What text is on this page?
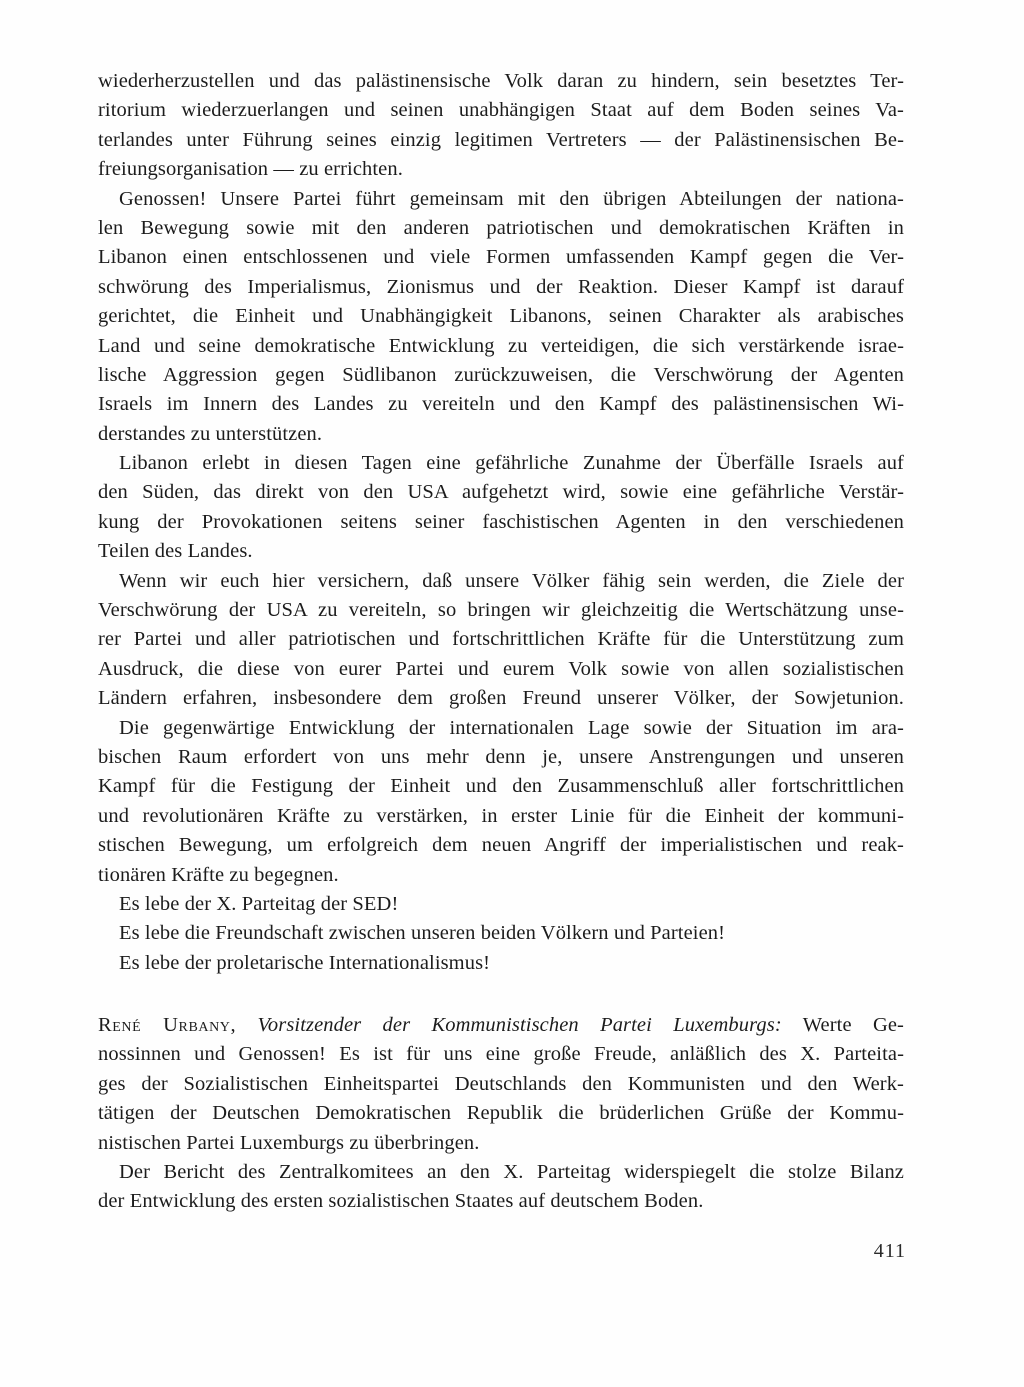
wiederherzustellen und das palästinensische Volk daran zu hindern, sein besetztes Ter-
ritorium wiederzuerlangen und seinen unabhängigen Staat auf dem Boden seines Va-
terlandes unter Führung seines einzig legitimen Vertreters — der Palästinensischen Be-
freiungsorganisation — zu errichten.
Genossen! Unsere Partei führt gemeinsam mit den übrigen Abteilungen der nationa-
len Bewegung sowie mit den anderen patriotischen und demokratischen Kräften in
Libanon einen entschlossenen und viele Formen umfassenden Kampf gegen die Ver-
schwörung des Imperialismus, Zionismus und der Reaktion. Dieser Kampf ist darauf
gerichtet, die Einheit und Unabhängigkeit Libanons, seinen Charakter als arabisches
Land und seine demokratische Entwicklung zu verteidigen, die sich verstärkende israe-
lische Aggression gegen Südlibanon zurückzuweisen, die Verschwörung der Agenten
Israels im Innern des Landes zu vereiteln und den Kampf des palästinensischen Wi-
derstandes zu unterstützen.
Libanon erlebt in diesen Tagen eine gefährliche Zunahme der Überfälle Israels auf
den Süden, das direkt von den USA aufgehetzt wird, sowie eine gefährliche Verstär-
kung der Provokationen seitens seiner faschistischen Agenten in den verschiedenen
Teilen des Landes.
Wenn wir euch hier versichern, daß unsere Völker fähig sein werden, die Ziele der
Verschwörung der USA zu vereiteln, so bringen wir gleichzeitig die Wertschätzung unse-
rer Partei und aller patriotischen und fortschrittlichen Kräfte für die Unterstützung zum
Ausdruck, die diese von eurer Partei und eurem Volk sowie von allen sozialistischen
Ländern erfahren, insbesondere dem großen Freund unserer Völker, der Sowjetunion.
Die gegenwärtige Entwicklung der internationalen Lage sowie der Situation im ara-
bischen Raum erfordert von uns mehr denn je, unsere Anstrengungen und unseren
Kampf für die Festigung der Einheit und den Zusammenschluß aller fortschrittlichen
und revolutionären Kräfte zu verstärken, in erster Linie für die Einheit der kommuni-
stischen Bewegung, um erfolgreich dem neuen Angriff der imperialistischen und reak-
tionären Kräfte zu begegnen.
Es lebe der X. Parteitag der SED!
Es lebe die Freundschaft zwischen unseren beiden Völkern und Parteien!
Es lebe der proletarische Internationalismus!
René Urbany, Vorsitzender der Kommunistischen Partei Luxemburgs: Werte Ge-
nossinnen und Genossen! Es ist für uns eine große Freude, anläßlich des X. Parteita-
ges der Sozialistischen Einheitspartei Deutschlands den Kommunisten und den Werk-
tätigen der Deutschen Demokratischen Republik die brüderlichen Grüße der Kommu-
nistischen Partei Luxemburgs zu überbringen.
Der Bericht des Zentralkomitees an den X. Parteitag widerspiegelt die stolze Bilanz
der Entwicklung des ersten sozialistischen Staates auf deutschem Boden.
411
